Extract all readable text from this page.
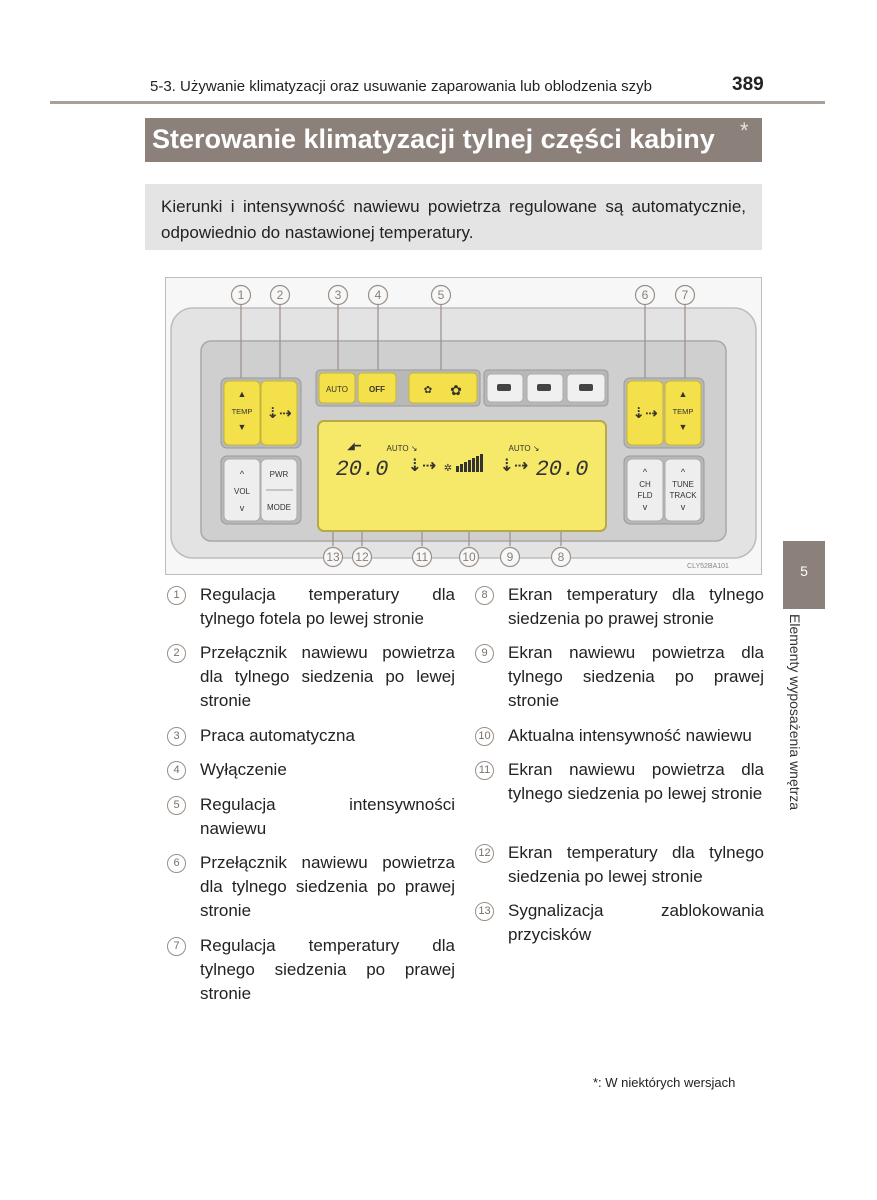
5-3. Używanie klimatyzacji oraz usuwanie zaparowania lub oblodzenia szyb	389
Sterowanie klimatyzacji tylnej części kabiny *

Kierunki i intensywność nawiewu powietrza regulowane są automatycznie, odpowiednio do nastawionej temperatury.

▲
TEMP
▼
⇣⇢
^
VOL
v
PWR
MODE
AUTO	OFF	✿ ✿
◢━	AUTO ↘	AUTO ↘
20.0	20.0
⇣⇢	⇣⇢
✲
⇣⇢
▲
TEMP
▼
^
CH
FLD
v
^
TUNE
TRACK
v
1	2	3	4	5	6	7
13 12	11	10	9	8
CLY52BA101
1	Regulacja temperatury dla tylnego fotela po lewej stronie
2	Przełącznik nawiewu powietrza dla tylnego siedzenia po lewej stronie
3	Praca automatyczna
4	Wyłączenie
5	Regulacja intensywności nawiewu
6	Przełącznik nawiewu powietrza dla tylnego siedzenia po prawej stronie
7	Regulacja temperatury dla tylnego siedzenia po prawej stronie
8	Ekran temperatury dla tylnego siedzenia po prawej stronie
9	Ekran nawiewu powietrza dla tylnego siedzenia po prawej stronie
10 Aktualna intensywność nawiewu
11 Ekran nawiewu powietrza dla tylnego siedzenia po lewej stronie
12 Ekran temperatury dla tylnego siedzenia po lewej stronie
13 Sygnalizacja zablokowania przycisków
5
Elementy wyposażenia wnętrza
*: W niektórych wersjach
